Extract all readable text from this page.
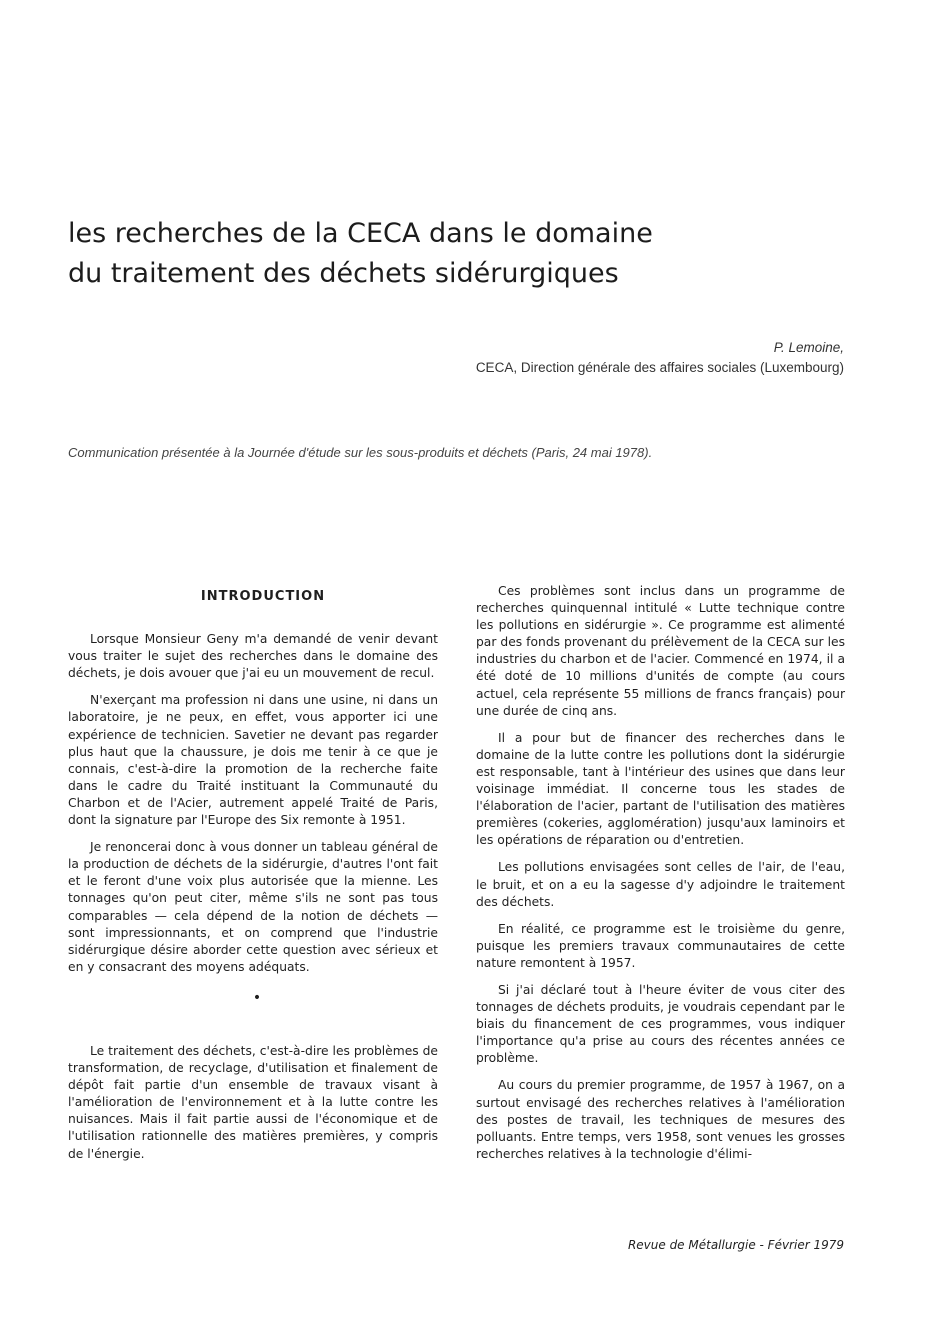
les recherches de la CECA dans le domaine
du traitement des déchets sidérurgiques
P. Lemoine,
CECA, Direction générale des affaires sociales (Luxembourg)
Communication présentée à la Journée d'étude sur les sous-produits et déchets (Paris, 24 mai 1978).
INTRODUCTION

Lorsque Monsieur Geny m'a demandé de venir devant vous traiter le sujet des recherches dans le domaine des déchets, je dois avouer que j'ai eu un mouvement de recul.

N'exerçant ma profession ni dans une usine, ni dans un laboratoire, je ne peux, en effet, vous apporter ici une expérience de technicien. Savetier ne devant pas regarder plus haut que la chaussure, je dois me tenir à ce que je connais, c'est-à-dire la promotion de la recherche faite dans le cadre du Traité instituant la Communauté du Charbon et de l'Acier, autrement appelé Traité de Paris, dont la signature par l'Europe des Six remonte à 1951.

Je renoncerai donc à vous donner un tableau général de la production de déchets de la sidérurgie, d'autres l'ont fait et le feront d'une voix plus autorisée que la mienne. Les tonnages qu'on peut citer, même s'ils ne sont pas tous comparables — cela dépend de la notion de déchets — sont impressionnants, et on comprend que l'industrie sidérurgique désire aborder cette question avec sérieux et en y consacrant des moyens adéquats.

•

Le traitement des déchets, c'est-à-dire les problèmes de transformation, de recyclage, d'utilisation et finalement de dépôt fait partie d'un ensemble de travaux visant à l'amélioration de l'environnement et à la lutte contre les nuisances. Mais il fait partie aussi de l'économique et de l'utilisation rationnelle des matières premières, y compris de l'énergie.

Ces problèmes sont inclus dans un programme de recherches quinquennal intitulé « Lutte technique contre les pollutions en sidérurgie ». Ce programme est alimenté par des fonds provenant du prélèvement de la CECA sur les industries du charbon et de l'acier. Commencé en 1974, il a été doté de 10 millions d'unités de compte (au cours actuel, cela représente 55 millions de francs français) pour une durée de cinq ans.

Il a pour but de financer des recherches dans le domaine de la lutte contre les pollutions dont la sidérurgie est responsable, tant à l'intérieur des usines que dans leur voisinage immédiat. Il concerne tous les stades de l'élaboration de l'acier, partant de l'utilisation des matières premières (cokeries, agglomération) jusqu'aux laminoirs et les opérations de réparation ou d'entretien.

Les pollutions envisagées sont celles de l'air, de l'eau, le bruit, et on a eu la sagesse d'y adjoindre le traitement des déchets.

En réalité, ce programme est le troisième du genre, puisque les premiers travaux communautaires de cette nature remontent à 1957.

Si j'ai déclaré tout à l'heure éviter de vous citer des tonnages de déchets produits, je voudrais cependant par le biais du financement de ces programmes, vous indiquer l'importance qu'a prise au cours des récentes années ce problème.

Au cours du premier programme, de 1957 à 1967, on a surtout envisagé des recherches relatives à l'amélioration des postes de travail, les techniques de mesures des polluants. Entre temps, vers 1958, sont venues les grosses recherches relatives à la technologie d'élimi-

Revue de Métallurgie - Février 1979
